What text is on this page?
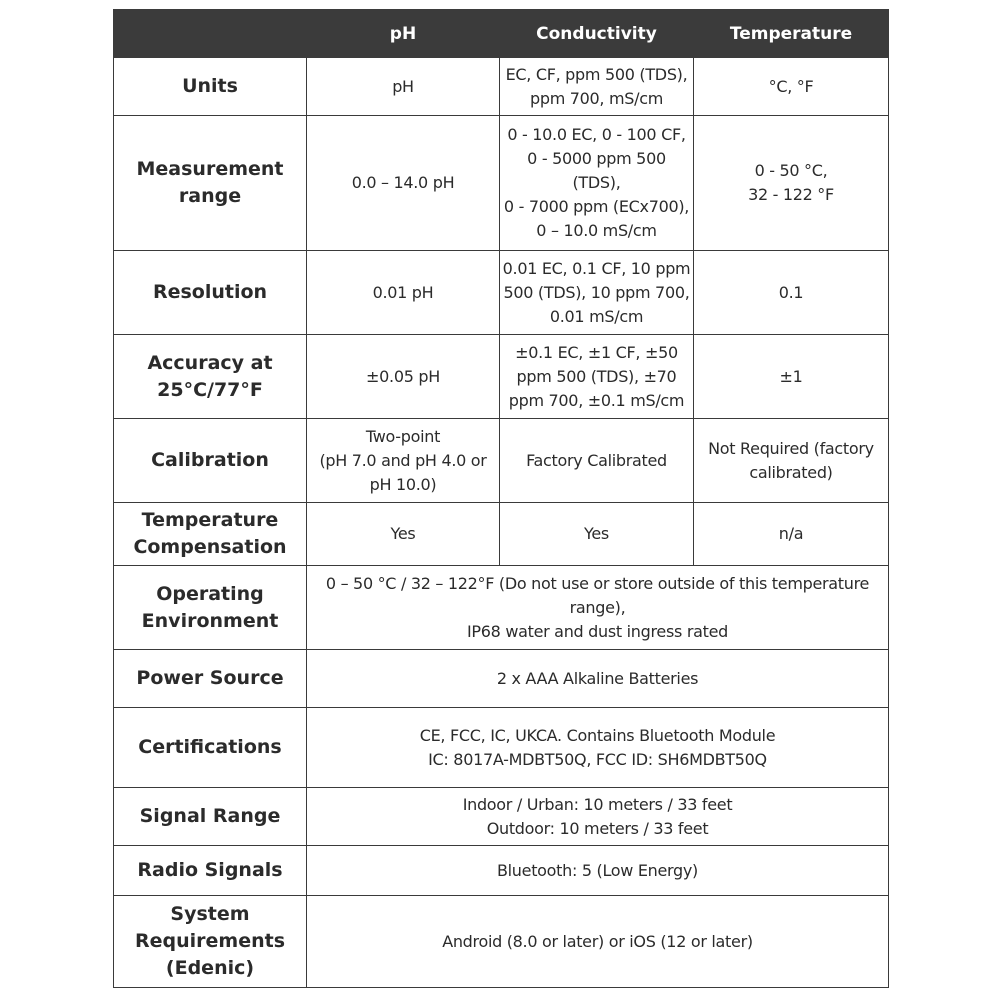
	pH	Conductivity	Temperature
Units	pH	EC, CF, ppm 500 (TDS),
ppm 700, mS/cm	°C, °F
Measurement
range	0.0 – 14.0 pH	0 - 10.0 EC, 0 - 100 CF,
0 - 5000 ppm 500
(TDS),
0 - 7000 ppm (ECx700),
0 – 10.0 mS/cm	0 - 50 °C,
32 - 122 °F
Resolution	0.01 pH	0.01 EC, 0.1 CF, 10 ppm
500 (TDS), 10 ppm 700,
0.01 mS/cm	0.1
Accuracy at
25°C/77°F	±0.05 pH	±0.1 EC, ±1 CF, ±50
ppm 500 (TDS), ±70
ppm 700, ±0.1 mS/cm	±1
Calibration	Two-point
(pH 7.0 and pH 4.0 or
pH 10.0)	Factory Calibrated	Not Required (factory
calibrated)
Temperature
Compensation	Yes	Yes	n/a
Operating
Environment	0 – 50 °C / 32 – 122°F (Do not use or store outside of this temperature
range),
IP68 water and dust ingress rated		
Power Source	2 x AAA Alkaline Batteries		
Certifications	CE, FCC, IC, UKCA. Contains Bluetooth Module
IC: 8017A-MDBT50Q, FCC ID: SH6MDBT50Q		
Signal Range	Indoor / Urban: 10 meters / 33 feet
Outdoor: 10 meters / 33 feet		
Radio Signals	Bluetooth: 5 (Low Energy)		
System
Requirements
(Edenic)	Android (8.0 or later) or iOS (12 or later)		
